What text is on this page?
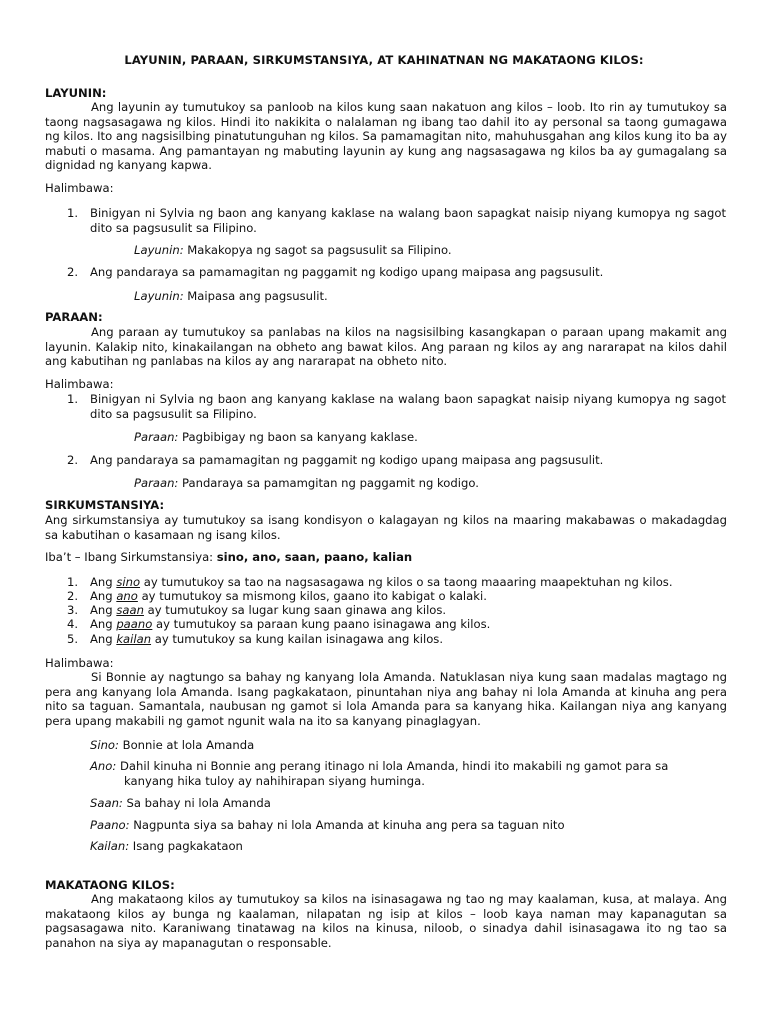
LAYUNIN, PARAAN, SIRKUMSTANSIYA, AT KAHINATNAN NG MAKATAONG KILOS:
LAYUNIN:
Ang layunin ay tumutukoy sa panloob na kilos kung saan nakatuon ang kilos – loob. Ito rin ay tumutukoy sa taong nagsasagawa ng kilos. Hindi ito nakikita o nalalaman ng ibang tao dahil ito ay personal sa taong gumagawa ng kilos. Ito ang nagsisilbing pinatutunguhan ng kilos. Sa pamamagitan nito, mahuhusgahan ang kilos kung ito ba ay mabuti o masama. Ang pamantayan ng mabuting layunin ay kung ang nagsasagawa ng kilos ba ay gumagalang sa dignidad ng kanyang kapwa.
Halimbawa:
1. Binigyan ni Sylvia ng baon ang kanyang kaklase na walang baon sapagkat naisip niyang kumopya ng sagot dito sa pagsusulit sa Filipino.
Layunin: Makakopya ng sagot sa pagsusulit sa Filipino.
2. Ang pandaraya sa pamamagitan ng paggamit ng kodigo upang maipasa ang pagsusulit.
Layunin: Maipasa ang pagsusulit.
PARAAN:
Ang paraan ay tumutukoy sa panlabas na kilos na nagsisilbing kasangkapan o paraan upang makamit ang layunin. Kalakip nito, kinakailangan na obheto ang bawat kilos. Ang paraan ng kilos ay ang nararapat na kilos dahil ang kabutihan ng panlabas na kilos ay ang nararapat na obheto nito.
Halimbawa:
1. Binigyan ni Sylvia ng baon ang kanyang kaklase na walang baon sapagkat naisip niyang kumopya ng sagot dito sa pagsusulit sa Filipino.
Paraan: Pagbibigay ng baon sa kanyang kaklase.
2. Ang pandaraya sa pamamagitan ng paggamit ng kodigo upang maipasa ang pagsusulit.
Paraan: Pandaraya sa pamamgitan ng paggamit ng kodigo.
SIRKUMSTANSIYA:
Ang sirkumstansiya ay tumutukoy sa isang kondisyon o kalagayan ng kilos na maaring makabawas o makadagdag sa kabutihan o kasamaan ng isang kilos.
Iba’t – Ibang Sirkumstansiya: sino, ano, saan, paano, kalian
1. Ang sino ay tumutukoy sa tao na nagsasagawa ng kilos o sa taong maaaring maapektuhan ng kilos.
2. Ang ano ay tumutukoy sa mismong kilos, gaano ito kabigat o kalaki.
3. Ang saan ay tumutukoy sa lugar kung saan ginawa ang kilos.
4. Ang paano ay tumutukoy sa paraan kung paano isinagawa ang kilos.
5. Ang kailan ay tumutukoy sa kung kailan isinagawa ang kilos.
Halimbawa:
Si Bonnie ay nagtungo sa bahay ng kanyang lola Amanda. Natuklasan niya kung saan madalas magtago ng pera ang kanyang lola Amanda. Isang pagkakataon, pinuntahan niya ang bahay ni lola Amanda at kinuha ang pera nito sa taguan. Samantala, naubusan ng gamot si lola Amanda para sa kanyang hika. Kailangan niya ang kanyang pera upang makabili ng gamot ngunit wala na ito sa kanyang pinaglagyan.
Sino: Bonnie at lola Amanda
Ano: Dahil kinuha ni Bonnie ang perang itinago ni lola Amanda, hindi ito makabili ng gamot para sa
kanyang hika tuloy ay nahihirapan siyang huminga.
Saan: Sa bahay ni lola Amanda
Paano: Nagpunta siya sa bahay ni lola Amanda at kinuha ang pera sa taguan nito
Kailan: Isang pagkakataon
MAKATAONG KILOS:
Ang makataong kilos ay tumutukoy sa kilos na isinasagawa ng tao ng may kaalaman, kusa, at malaya. Ang makataong kilos ay bunga ng kaalaman, nilapatan ng isip at kilos – loob kaya naman may kapanagutan sa pagsasagawa nito. Karaniwang tinatawag na kilos na kinusa, niloob, o sinadya dahil isinasagawa ito ng tao sa panahon na siya ay mapanagutan o responsable.
